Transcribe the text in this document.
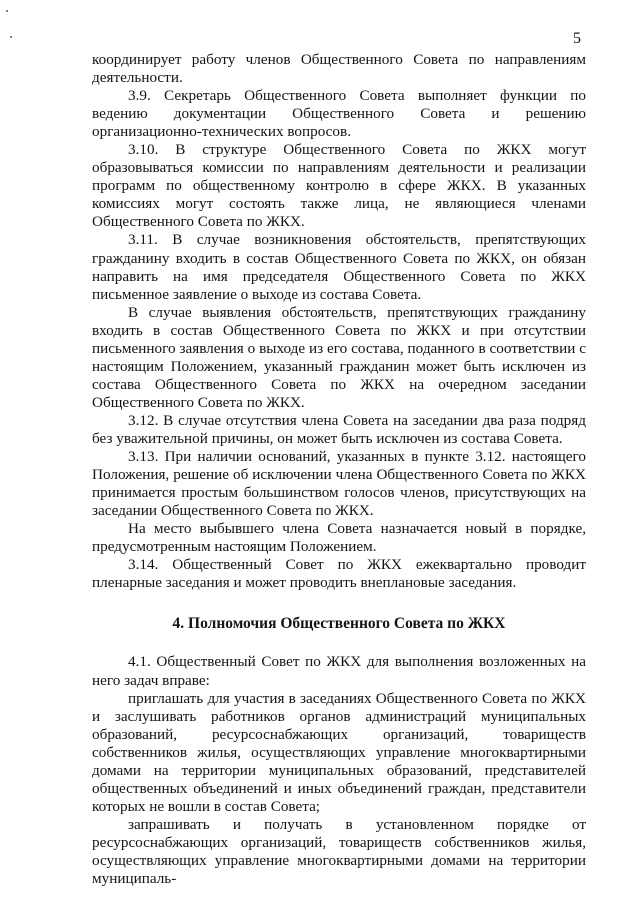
5

координирует работу членов Общественного Совета по направлениям деятельности.

3.9. Секретарь Общественного Совета выполняет функции по ведению документации Общественного Совета и решению организационно-технических вопросов.

3.10. В структуре Общественного Совета по ЖКХ могут образовываться комиссии по направлениям деятельности и реализации программ по общественному контролю в сфере ЖКХ. В указанных комиссиях могут состоять также лица, не являющиеся членами Общественного Совета по ЖКХ.

3.11. В случае возникновения обстоятельств, препятствующих гражданину входить в состав Общественного Совета по ЖКХ, он обязан направить на имя председателя Общественного Совета по ЖКХ письменное заявление о выходе из состава Совета.

В случае выявления обстоятельств, препятствующих гражданину входить в состав Общественного Совета по ЖКХ и при отсутствии письменного заявления о выходе из его состава, поданного в соответствии с настоящим Положением, указанный гражданин может быть исключен из состава Общественного Совета по ЖКХ на очередном заседании Общественного Совета по ЖКХ.

3.12. В случае отсутствия члена Совета на заседании два раза подряд без уважительной причины, он может быть исключен из состава Совета.

3.13. При наличии оснований, указанных в пункте 3.12. настоящего Положения, решение об исключении члена Общественного Совета по ЖКХ принимается простым большинством голосов членов, присутствующих на заседании Общественного Совета по ЖКХ.

На место выбывшего члена Совета назначается новый в порядке, предусмотренным настоящим Положением.

3.14. Общественный Совет по ЖКХ ежеквартально проводит пленарные заседания и может проводить внеплановые заседания.

4. Полномочия Общественного Совета по ЖКХ

4.1. Общественный Совет по ЖКХ для выполнения возложенных на него задач вправе:

приглашать для участия в заседаниях Общественного Совета по ЖКХ и заслушивать работников органов администраций муниципальных образований, ресурсоснабжающих организаций, товариществ собственников жилья, осуществляющих управление многоквартирными домами на территории муниципальных образований, представителей общественных объединений и иных объединений граждан, представители которых не вошли в состав Совета;

запрашивать и получать в установленном порядке от ресурсоснабжающих организаций, товариществ собственников жилья, осуществляющих управление многоквартирными домами на территории муниципаль-
